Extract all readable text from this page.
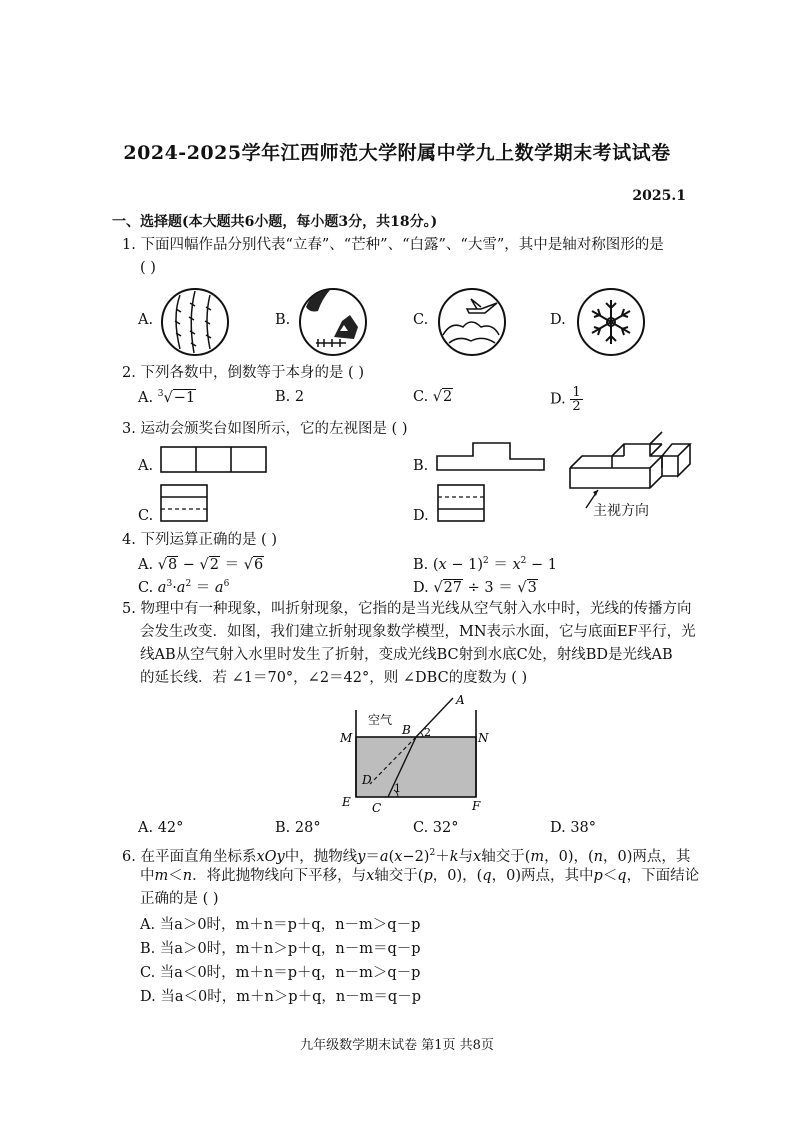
2024-2025学年江西师范大学附属中学九上数学期末考试试卷
2025.1
一、选择题(本大题共6小题，每小题3分，共18分。)
1. 下面四幅作品分别代表“立春”、“芒种”、“白露”、“大雪”，其中是轴对称图形的是
( )
A.	B.	C.	D.
2. 下列各数中，倒数等于本身的是 ( )
A. $^3$√−1	B. 2	C. √2	D. $\frac{1}{2}$
3. 运动会颁奖台如图所示，它的左视图是 ( )
A.	B.
C.	D.	主视方向
4. 下列运算正确的是 ( )
A. √8 − √2 ＝ √6	B. $(x - 1)^2 = x^2 - 1$
C. $a^3\cdot a^2 = a^6$	D. √27 ÷ 3 ＝ √3
5. 物理中有一种现象，叫折射现象，它指的是当光线从空气射入水中时，光线的传播方向
会发生改变．如图，我们建立折射现象数学模型，MN表示水面，它与底面EF平行，光
线AB从空气射入水里时发生了折射，变成光线BC射到水底C处，射线BD是光线AB
的延长线．若 ∠1＝70°，∠2＝42°，则 ∠DBC的度数为 ( )
空气
A
B 2
M	N
D
1
E C	F
A. 42°	B. 28°	C. 32°	D. 38°
6. 在平面直角坐标系xOy中，抛物线$y=a(x-2)^2+k$与x轴交于(m，0)，(n，0)两点，其
中m＜n．将此抛物线向下平移，与x轴交于(p，0)，(q，0)两点，其中p＜q，下面结论
正确的是 ( )
A. 当a＞0时，m＋n＝p＋q，n－m＞q－p
B. 当a＞0时，m＋n＞p＋q，n－m＝q－p
C. 当a＜0时，m＋n＝p＋q，n－m＞q－p
D. 当a＜0时，m＋n＞p＋q，n－m＝q－p
九年级数学期末试卷 第1页 共8页
